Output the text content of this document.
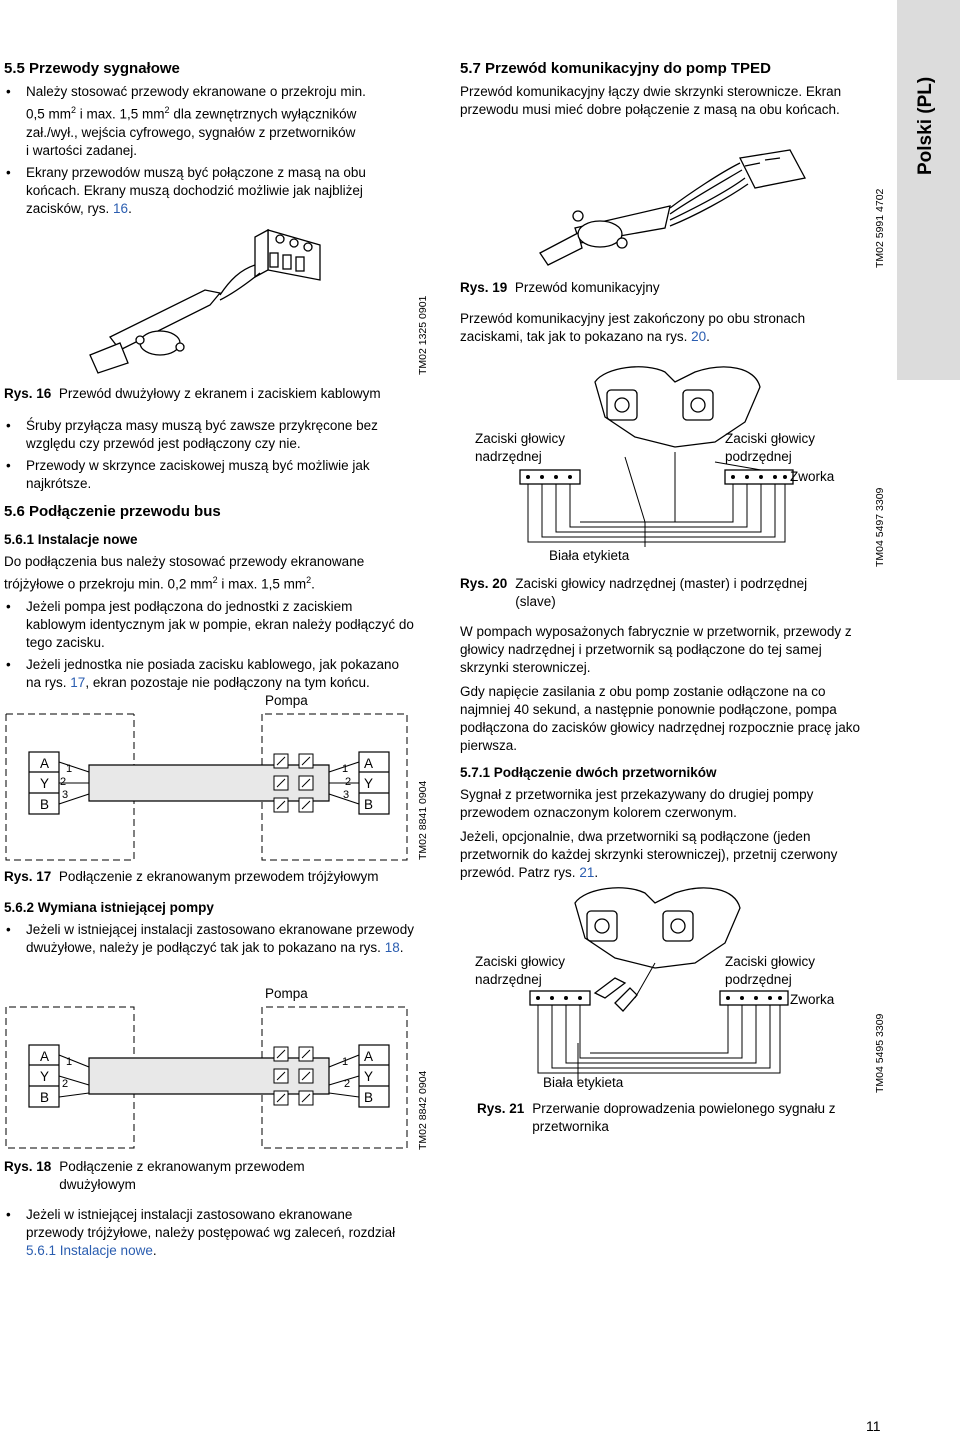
Polski (PL)
5.5 Przewody sygnałowe
• Należy stosować przewody ekranowane o przekroju min.
0,5 $mm^2$ i max. 1,5 $mm^2$ dla zewnętrznych wyłączników
zał./wył., wejścia cyfrowego, sygnałów z przetworników
i wartości zadanej.
• Ekrany przewodów muszą być połączone z masą na obu końcach. Ekrany muszą dochodzić możliwie jak najbliżej zacisków, rys. 16.
TM02 1325 0901
Rys. 16 Przewód dwużyłowy z ekranem i zaciskiem kablowym
• Śruby przyłącza masy muszą być zawsze przykręcone bez względu czy przewód jest podłączony czy nie.
• Przewody w skrzynce zaciskowej muszą być możliwie jak najkrótsze.
5.6 Podłączenie przewodu bus
5.6.1 Instalacje nowe
Do podłączenia bus należy stosować przewody ekranowane
trójżyłowe o przekroju min. 0,2 $mm^2$ i max. 1,5 $mm^2$.
• Jeżeli pompa jest podłączona do jednostki z zaciskiem kablowym identycznym jak w pompie, ekran należy podłączyć do tego zacisku.
• Jeżeli jednostka nie posiada zacisku kablowego, jak pokazano na rys. 17, ekran pozostaje nie podłączony na tym końcu.
Pompa
A
Y
B
1
2
3
A
Y
B
1
2
3	TM02 8841 0904
Rys. 17 Podłączenie z ekranowanym przewodem trójżyłowym
5.6.2 Wymiana istniejącej pompy
• Jeżeli w istniejącej instalacji zastosowano ekranowane przewody dwużyłowe, należy je podłączyć tak jak to pokazano na rys. 18.
Pompa
A
Y
B
1
2
A
Y
B
1
2	TM02 8842 0904
Rys. 18	Podłączenie z ekranowanym przewodem dwużyłowym
• Jeżeli w istniejącej instalacji zastosowano ekranowane przewody trójżyłowe, należy postępować wg zaleceń, rozdział 5.6.1 Instalacje nowe.
5.7 Przewód komunikacyjny do pomp TPED
Przewód komunikacyjny łączy dwie skrzynki sterownicze. Ekran przewodu musi mieć dobre połączenie z masą na obu końcach.
TM02 5991 4702
Rys. 19 Przewód komunikacyjny
Przewód komunikacyjny jest zakończony po obu stronach zaciskami, tak jak to pokazano na rys. 20.
Zaciski głowicy nadrzędnej
Zaciski głowicy podrzędnej
Zworka
Biała etykieta	TM04 5497 3309
Rys. 20	Zaciski głowicy nadrzędnej (master) i podrzędnej (slave)
W pompach wyposażonych fabrycznie w przetwornik, przewody z głowicy nadrzędnej i przetwornik są podłączone do tej samej skrzynki sterowniczej.
Gdy napięcie zasilania z obu pomp zostanie odłączone na co najmniej 40 sekund, a następnie ponownie podłączone, pompa podłączona do zacisków głowicy nadrzędnej rozpocznie pracę jako pierwsza.
5.7.1 Podłączenie dwóch przetworników
Sygnał z przetwornika jest przekazywany do drugiej pompy przewodem oznaczonym kolorem czerwonym.
Jeżeli, opcjonalnie, dwa przetworniki są podłączone (jeden przetwornik do każdej skrzynki sterowniczej), przetnij czerwony przewód. Patrz rys. 21.
Zaciski głowicy nadrzędnej
Zaciski głowicy podrzędnej
Zworka
Biała etykieta	TM04 5495 3309
Rys. 21	Przerwanie doprowadzenia powielonego sygnału z przetwornika
11
